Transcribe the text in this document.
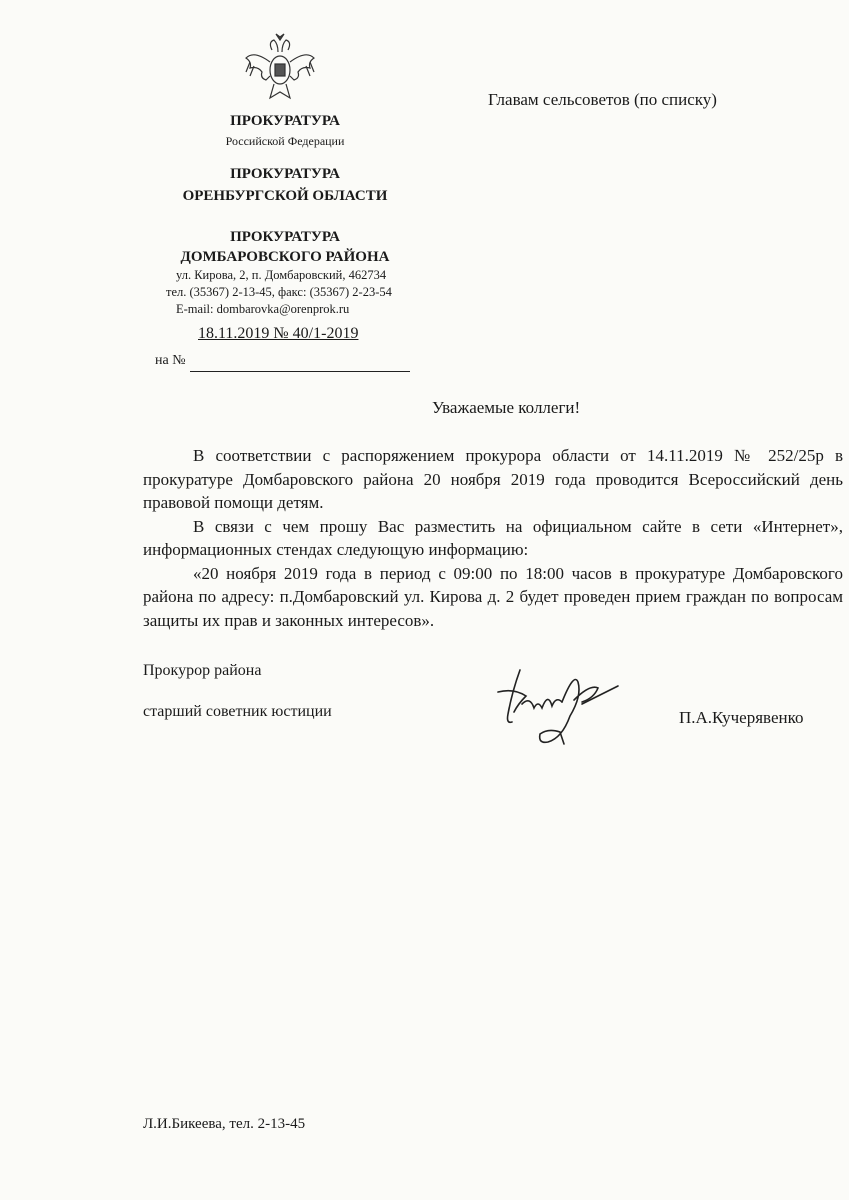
ПРОКУРАТУРА
Российской Федерации
ПРОКУРАТУРА
ОРЕНБУРГСКОЙ ОБЛАСТИ
ПРОКУРАТУРА
ДОМБАРОВСКОГО РАЙОНА
ул. Кирова, 2, п. Домбаровский, 462734
тел. (35367) 2-13-45, факс: (35367) 2-23-54
E-mail: dombarovka@orenprok.ru
18.11.2019 № 40/1-2019
на №
Главам сельсоветов (по списку)
Уважаемые коллеги!

В соответствии с распоряжением прокурора области от 14.11.2019 № 252/25р в прокуратуре Домбаровского района 20 ноября 2019 года проводится Всероссийский день правовой помощи детям.

В связи с чем прошу Вас разместить на официальном сайте в сети «Интернет», информационных стендах следующую информацию:

«20 ноября 2019 года в период с 09:00 по 18:00 часов в прокуратуре Домбаровского района по адресу: п.Домбаровский ул. Кирова д. 2 будет проведен прием граждан по вопросам защиты их прав и законных интересов».

Прокурор района
старший советник юстиции	П.А.Кучерявенко
Л.И.Бикеева, тел. 2-13-45
